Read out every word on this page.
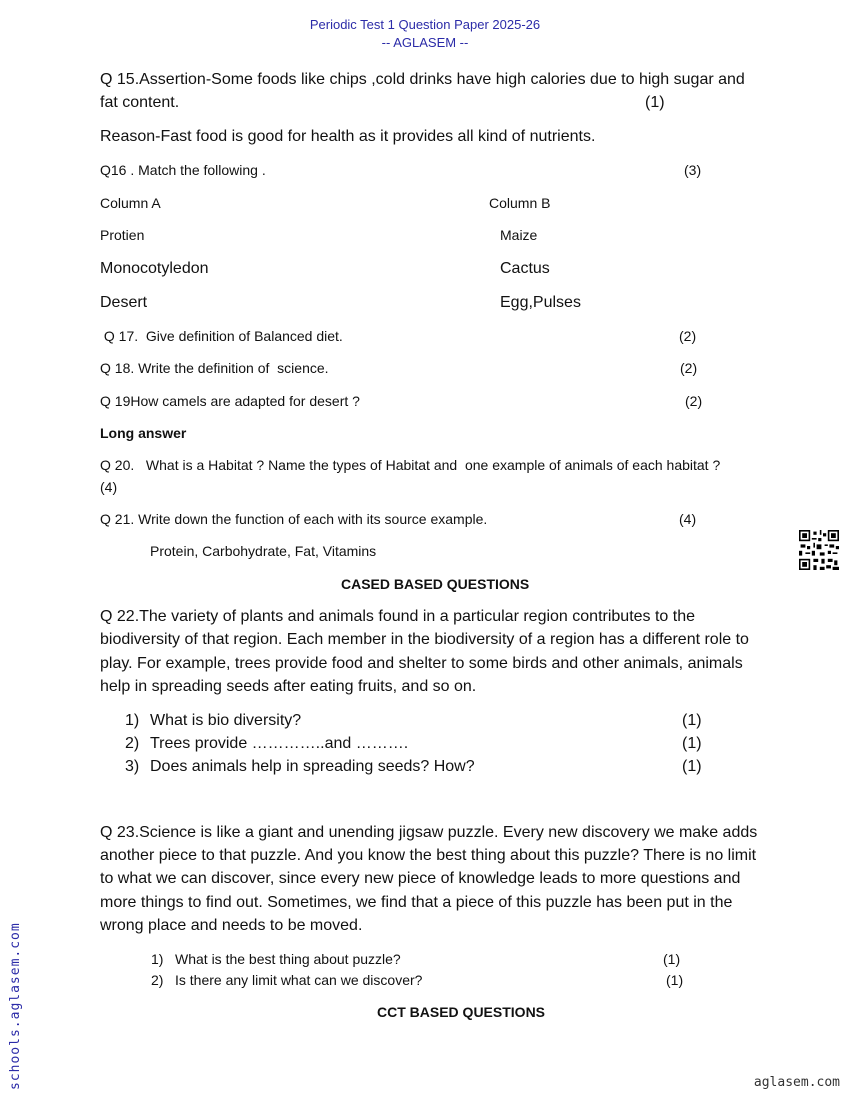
Periodic Test 1 Question Paper 2025-26
-- AGLASEM --
Q 15.Assertion-Some foods like chips ,cold drinks have high calories due to high sugar and
fat content.	(1)
Reason-Fast food is good for health as it provides all kind of nutrients.
Q16 . Match the following .	(3)
Column A	Column B
Protien	Maize
Monocotyledon	Cactus
Desert	Egg,Pulses
Q 17.  Give definition of Balanced diet.	(2)
Q 18. Write the definition of  science.	(2)
Q 19How camels are adapted for desert ?	(2)
Long answer
Q 20.   What is a Habitat ? Name the types of Habitat and  one example of animals of each habitat ?
(4)
Q 21. Write down the function of each with its source example.	(4)
Protein, Carbohydrate, Fat, Vitamins
CASED BASED QUESTIONS
Q 22.The variety of plants and animals found in a particular region contributes to the
biodiversity of that region. Each member in the biodiversity of a region has a different role to
play. For example, trees provide food and shelter to some birds and other animals, animals
help in spreading seeds after eating fruits, and so on.
1) What is bio diversity?	(1)
2) Trees provide …………..and ……….	(1)
3) Does animals help in spreading seeds? How?	(1)
Q 23.Science is like a giant and unending jigsaw puzzle. Every new discovery we make adds
another piece to that puzzle. And you know the best thing about this puzzle? There is no limit
to what we can discover, since every new piece of knowledge leads to more questions and
more things to find out. Sometimes, we find that a piece of this puzzle has been put in the
wrong place and needs to be moved.
1) What is the best thing about puzzle?	(1)
2) Is there any limit what can we discover?	(1)
CCT BASED QUESTIONS
schools.aglasem.com	aglasem.com
